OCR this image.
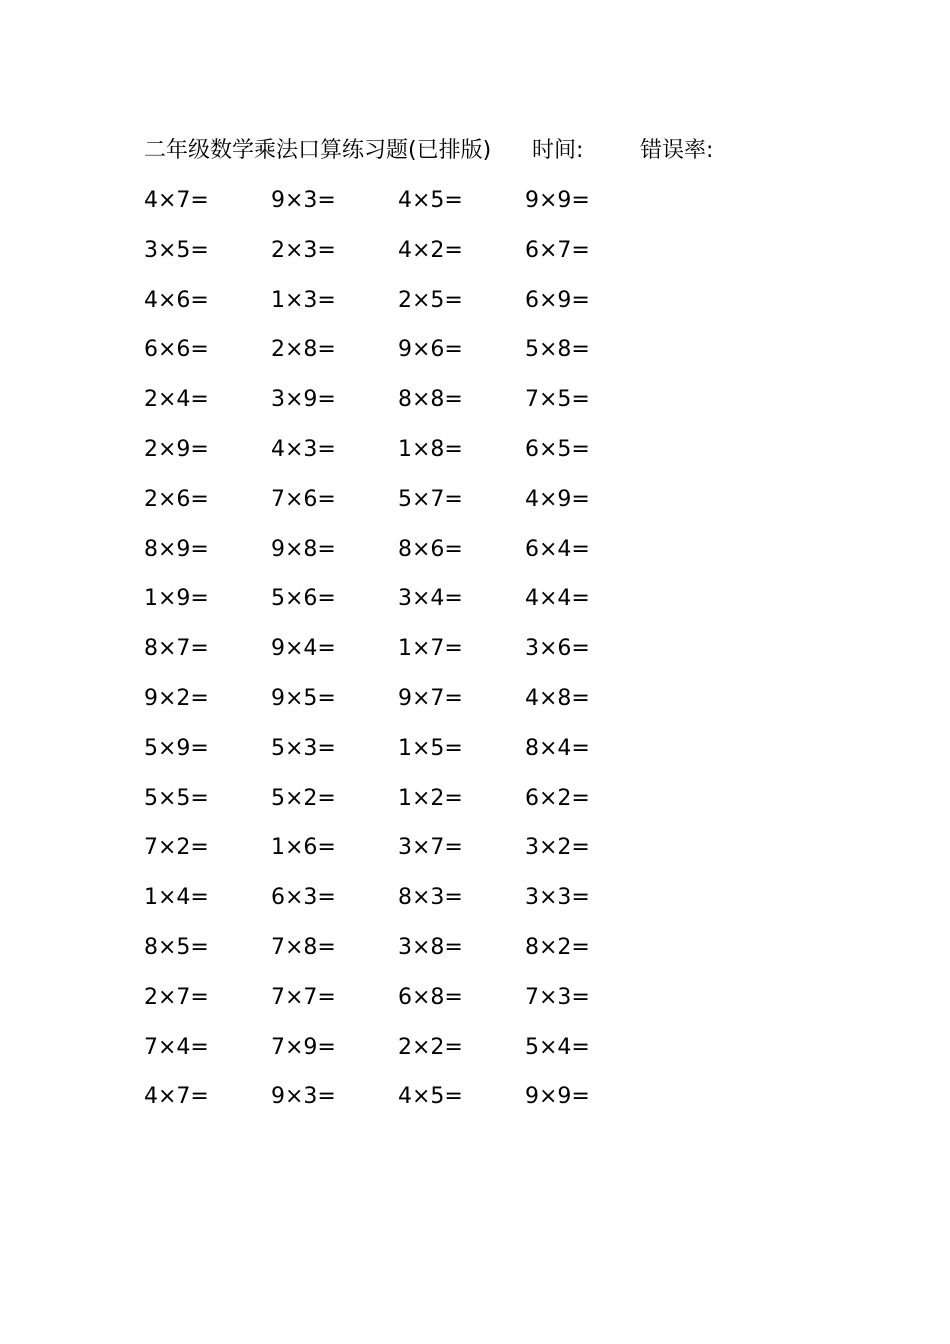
二年级数学乘法口算练习题(已排版) 时间:	错误率:
4×7=	9×3=	4×5=	9×9=
3×5=	2×3=	4×2=	6×7=
4×6=	1×3=	2×5=	6×9=
6×6=	2×8=	9×6=	5×8=
2×4=	3×9=	8×8=	7×5=
2×9=	4×3=	1×8=	6×5=
2×6=	7×6=	5×7=	4×9=
8×9=	9×8=	8×6=	6×4=
1×9=	5×6=	3×4=	4×4=
8×7=	9×4=	1×7=	3×6=
9×2=	9×5=	9×7=	4×8=
5×9=	5×3=	1×5=	8×4=
5×5=	5×2=	1×2=	6×2=
7×2=	1×6=	3×7=	3×2=
1×4=	6×3=	8×3=	3×3=
8×5=	7×8=	3×8=	8×2=
2×7=	7×7=	6×8=	7×3=
7×4=	7×9=	2×2=	5×4=
4×7=	9×3=	4×5=	9×9=
